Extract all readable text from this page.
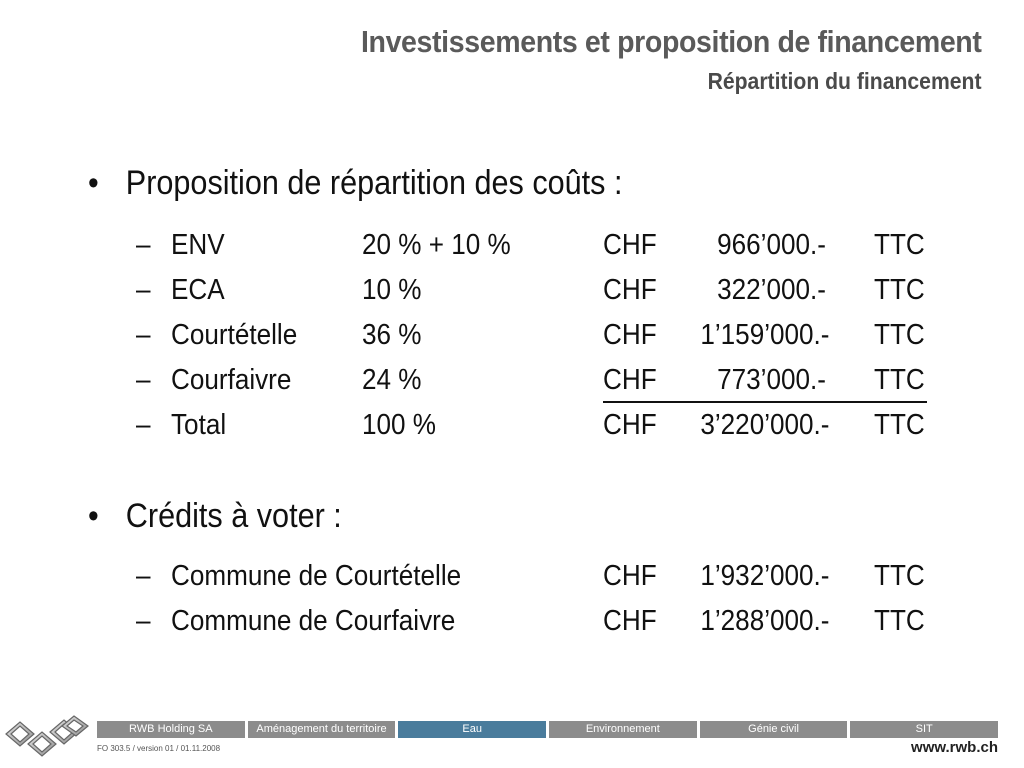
Investissements et proposition de financement
Répartition du financement
• Proposition de répartition des coûts :
– ENV	20 % + 10 %	CHF	966’000.- TTC
– ECA	10 %	CHF	322’000.- TTC
– Courtételle 36 %	CHF	1’159’000.- TTC
– Courfaivre 24 %	CHF	773’000.- TTC
– Total	100 %	CHF	3’220’000.- TTC
• Crédits à voter :
– Commune de Courtételle	CHF	1’932’000.- TTC
– Commune de Courfaivre	CHF	1’288’000.- TTC
RWB Holding SA	Aménagement du territoire	Eau	Environnement	Génie civil	SIT
FO 303.5 / version 01 / 01.11.2008	www.rwb.ch
